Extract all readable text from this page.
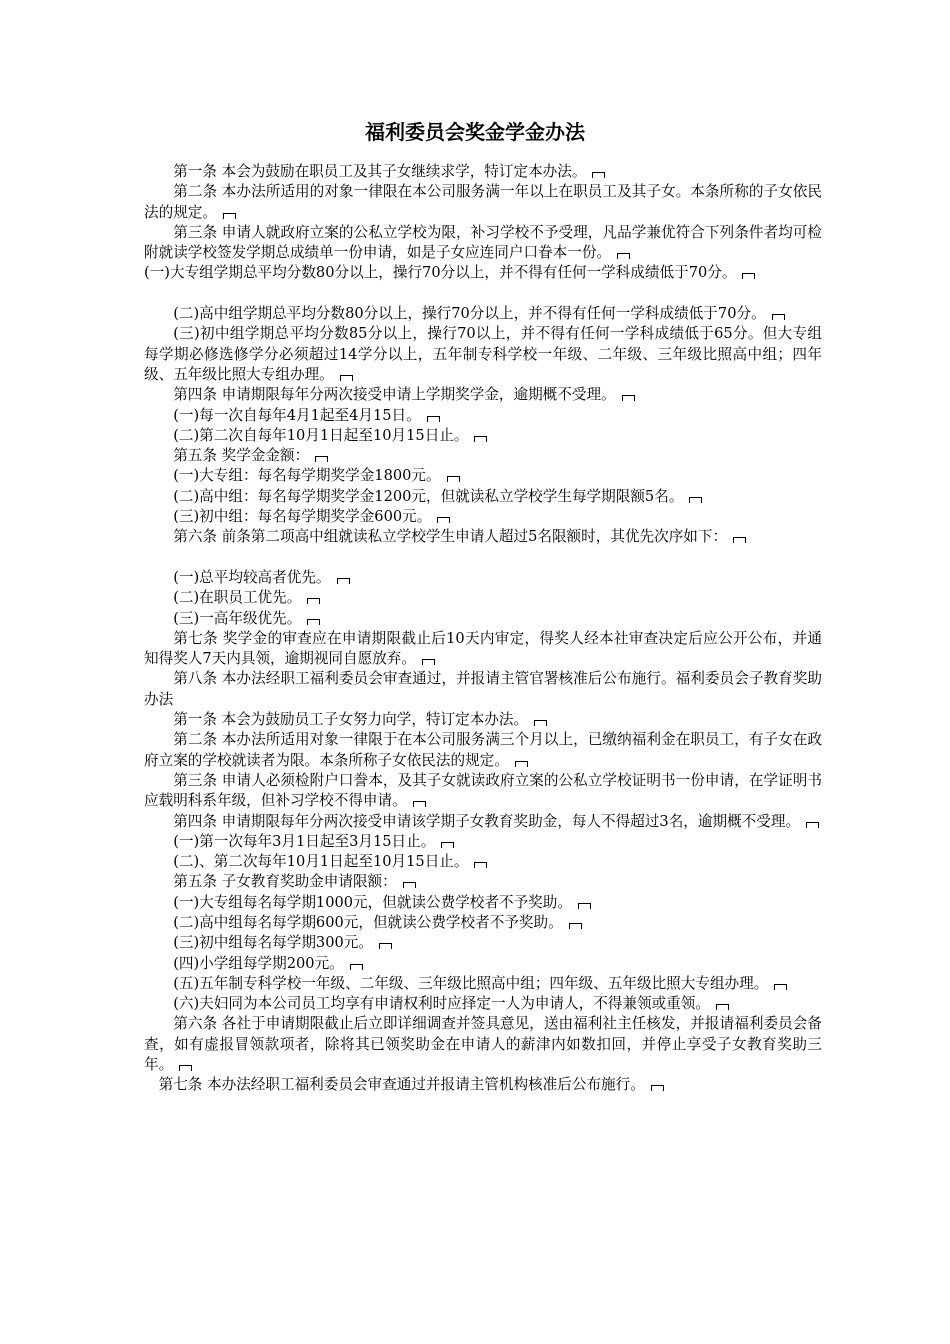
福利委员会奖金学金办法

第一条 本会为鼓励在职员工及其子女继续求学，特订定本办法。

第二条 本办法所适用的对象一律限在本公司服务满一年以上在职员工及其子女。本条所称的子女依民法的规定。

第三条 申请人就政府立案的公私立学校为限，补习学校不予受理，凡品学兼优符合下列条件者均可检附就读学校签发学期总成绩单一份申请，如是子女应连同户口眷本一份。

(一)大专组学期总平均分数80分以上，操行70分以上，并不得有任何一学科成绩低于70分。

(二)高中组学期总平均分数80分以上，操行70分以上，并不得有任何一学科成绩低于70分。

(三)初中组学期总平均分数85分以上，操行70以上，并不得有任何一学科成绩低于65分。但大专组每学期必修选修学分必须超过14学分以上，五年制专科学校一年级、二年级、三年级比照高中组；四年级、五年级比照大专组办理。

第四条 申请期限每年分两次接受申请上学期奖学金，逾期概不受理。

(一)每一次自每年4月1起至4月15日。

(二)第二次自每年10月1日起至10月15日止。

第五条 奖学金金额：

(一)大专组：每名每学期奖学金1800元。

(二)高中组：每名每学期奖学金1200元，但就读私立学校学生每学期限额5名。

(三)初中组：每名每学期奖学金600元。

第六条 前条第二项高中组就读私立学校学生申请人超过5名限额时，其优先次序如下：

(一)总平均较高者优先。

(二)在职员工优先。

(三)一高年级优先。

第七条 奖学金的审查应在申请期限截止后10天内审定，得奖人经本社审查决定后应公开公布，并通知得奖人7天内具领，逾期视同自愿放弃。

第八条 本办法经职工福利委员会审查通过，并报请主管官署核准后公布施行。福利委员会子教育奖助办法

第一条 本会为鼓励员工子女努力向学，特订定本办法。

第二条 本办法所适用对象一律限于在本公司服务满三个月以上，已缴纳福利金在职员工，有子女在政府立案的学校就读者为限。本条所称子女依民法的规定。

第三条 申请人必须检附户口誊本，及其子女就读政府立案的公私立学校证明书一份申请，在学证明书应载明科系年级，但补习学校不得申请。

第四条 申请期限每年分两次接受申请该学期子女教育奖助金，每人不得超过3名，逾期概不受理。

(一)第一次每年3月1日起至3月15日止。

(二)、第二次每年10月1日起至10月15日止。

第五条 子女教育奖助金申请限额：

(一)大专组每名每学期1000元，但就读公费学校者不予奖助。

(二)高中组每名每学期600元，但就读公费学校者不予奖助。

(三)初中组每名每学期300元。

(四)小学组每学期200元。

(五)五年制专科学校一年级、二年级、三年级比照高中组；四年级、五年级比照大专组办理。

(六)夫妇同为本公司员工均享有申请权利时应择定一人为申请人，不得兼领或重领。

第六条 各社于申请期限截止后立即详细调查并签具意见，送由福利社主任核发，并报请福利委员会备查，如有虚报冒领款项者，除将其已领奖助金在申请人的薪津内如数扣回，并停止享受子女教育奖助三年。

第七条 本办法经职工福利委员会审查通过并报请主管机构核准后公布施行。
